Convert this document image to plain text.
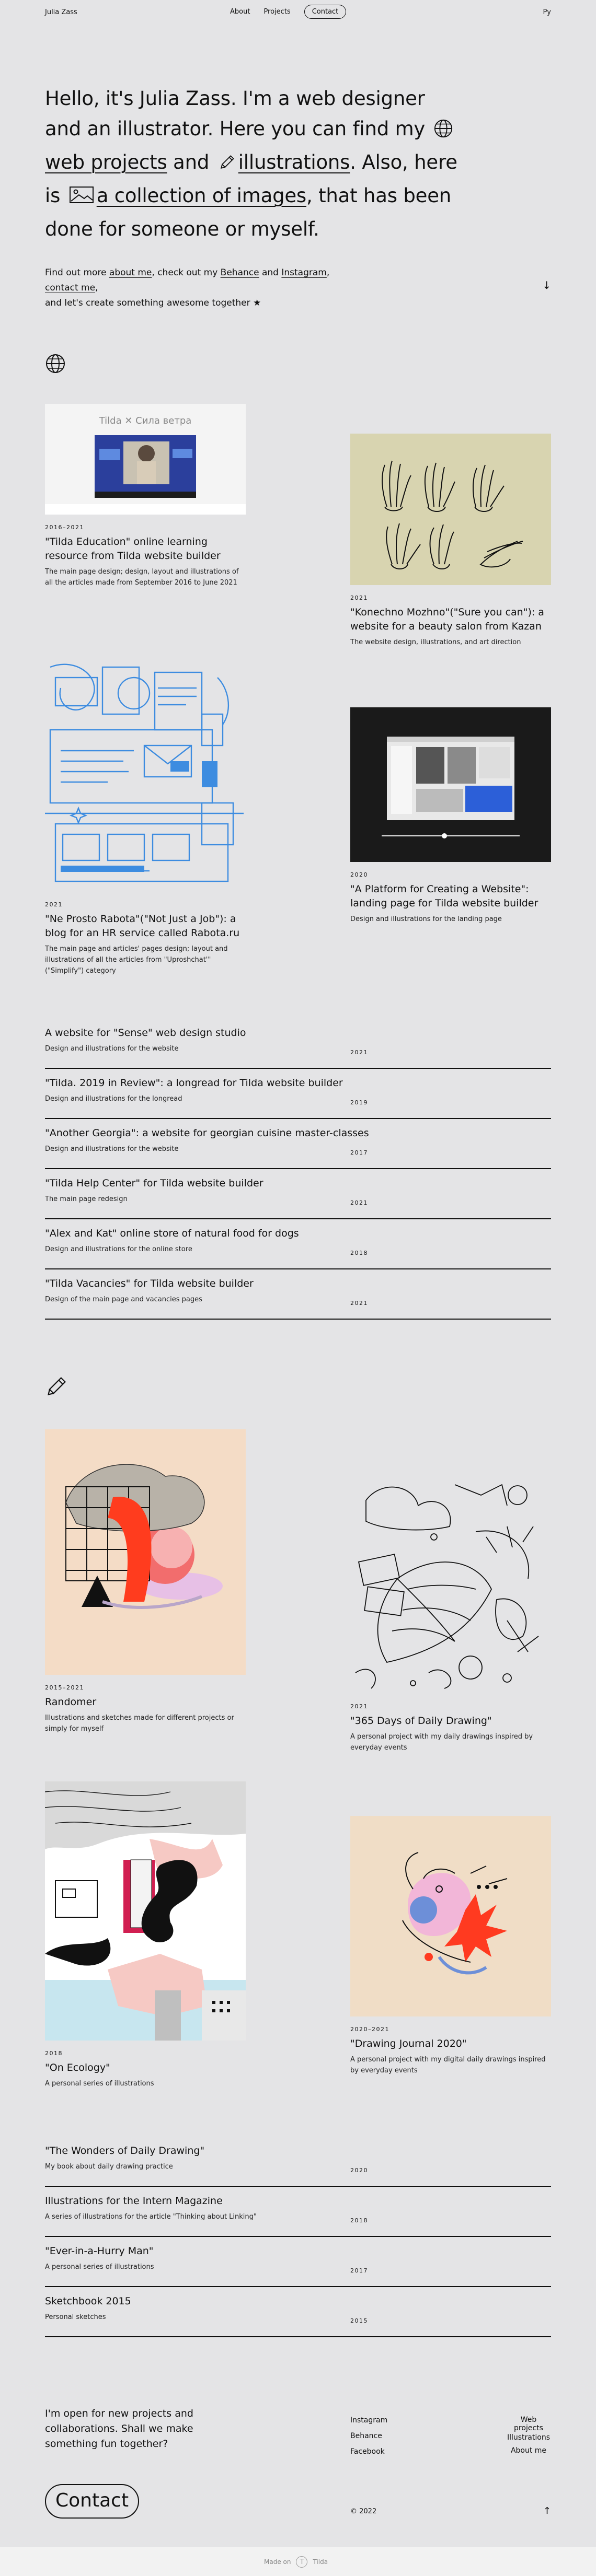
Julia Zass	About Projects	Contact	Ру
Hello, it's Julia Zass. I'm a web designer and an illustrator. Here you can find my web projects and illustrations. Also, here is a collection of images, that has been done for someone or myself.
Find out more about me, check out my Behance and Instagram, contact me,
and let's create something awesome together ★
↓
Tilda ✕ Сила ветра
2016–2021
"Tilda Education" online learning resource from Tilda website builder
The main page design; design, layout and illustrations of all the articles made from September 2016 to June 2021
2021
"Konechno Mozhno"("Sure you can"): a website for a beauty salon from Kazan
The website design, illustrations, and art direction
2021
"Ne Prosto Rabota"("Not Just a Job"): a blog for an HR service called Rabota.ru
The main page and articles' pages design; layout and illustrations of all the articles from "Uproshchat'" ("Simplify") category
2020
"A Platform for Creating a Website": landing page for Tilda website builder
Design and illustrations for the landing page
A website for "Sense" web design studio
Design and illustrations for the website	2021
"Tilda. 2019 in Review": a longread for Tilda website builder
Design and illustrations for the longread	2019
"Another Georgia": a website for georgian cuisine master-classes
Design and illustrations for the website	2017
"Tilda Help Center" for Tilda website builder
The main page redesign	2021
"Alex and Kat" online store of natural food for dogs
Design and illustrations for the online store	2018
"Tilda Vacancies" for Tilda website builder
Design of the main page and vacancies pages	2021
2015–2021
Randomer
Illustrations and sketches made for different projects or simply for myself
2021
"365 Days of Daily Drawing"
A personal project with my daily drawings inspired by everyday events
2018
"On Ecology"
A personal series of illustrations
2020–2021
"Drawing Journal 2020"
A personal project with my digital daily drawings inspired by everyday events
"The Wonders of Daily Drawing"
My book about daily drawing practice	2020
Illustrations for the Intern Magazine
A series of illustrations for the article "Thinking about Linking"	2018
"Ever-in-a-Hurry Man"
A personal series of illustrations	2017
Sketchbook 2015
Personal sketches	2015
I'm open for new projects and collaborations. Shall we make something fun together?
Instagram
Behance
Facebook
Web projects
Illustrations
About me
Contact
© 2022	↑
Made on	T	Tilda
